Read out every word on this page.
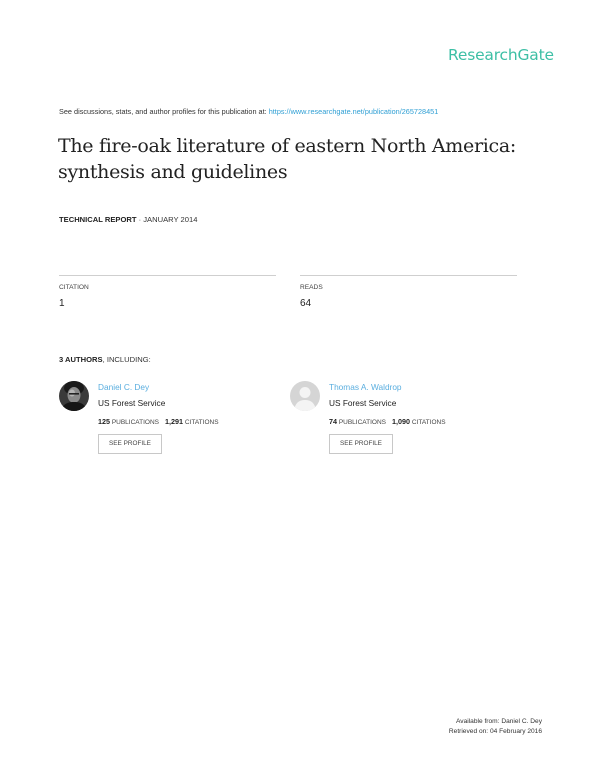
ResearchGate
See discussions, stats, and author profiles for this publication at: https://www.researchgate.net/publication/265728451
The fire-oak literature of eastern North America:
synthesis and guidelines
TECHNICAL REPORT · JANUARY 2014
CITATION
1
READS
64
3 AUTHORS, INCLUDING:
Daniel C. Dey
US Forest Service
125 PUBLICATIONS 1,291 CITATIONS
SEE PROFILE
Thomas A. Waldrop
US Forest Service
74 PUBLICATIONS 1,090 CITATIONS
SEE PROFILE
Available from: Daniel C. Dey
Retrieved on: 04 February 2016
